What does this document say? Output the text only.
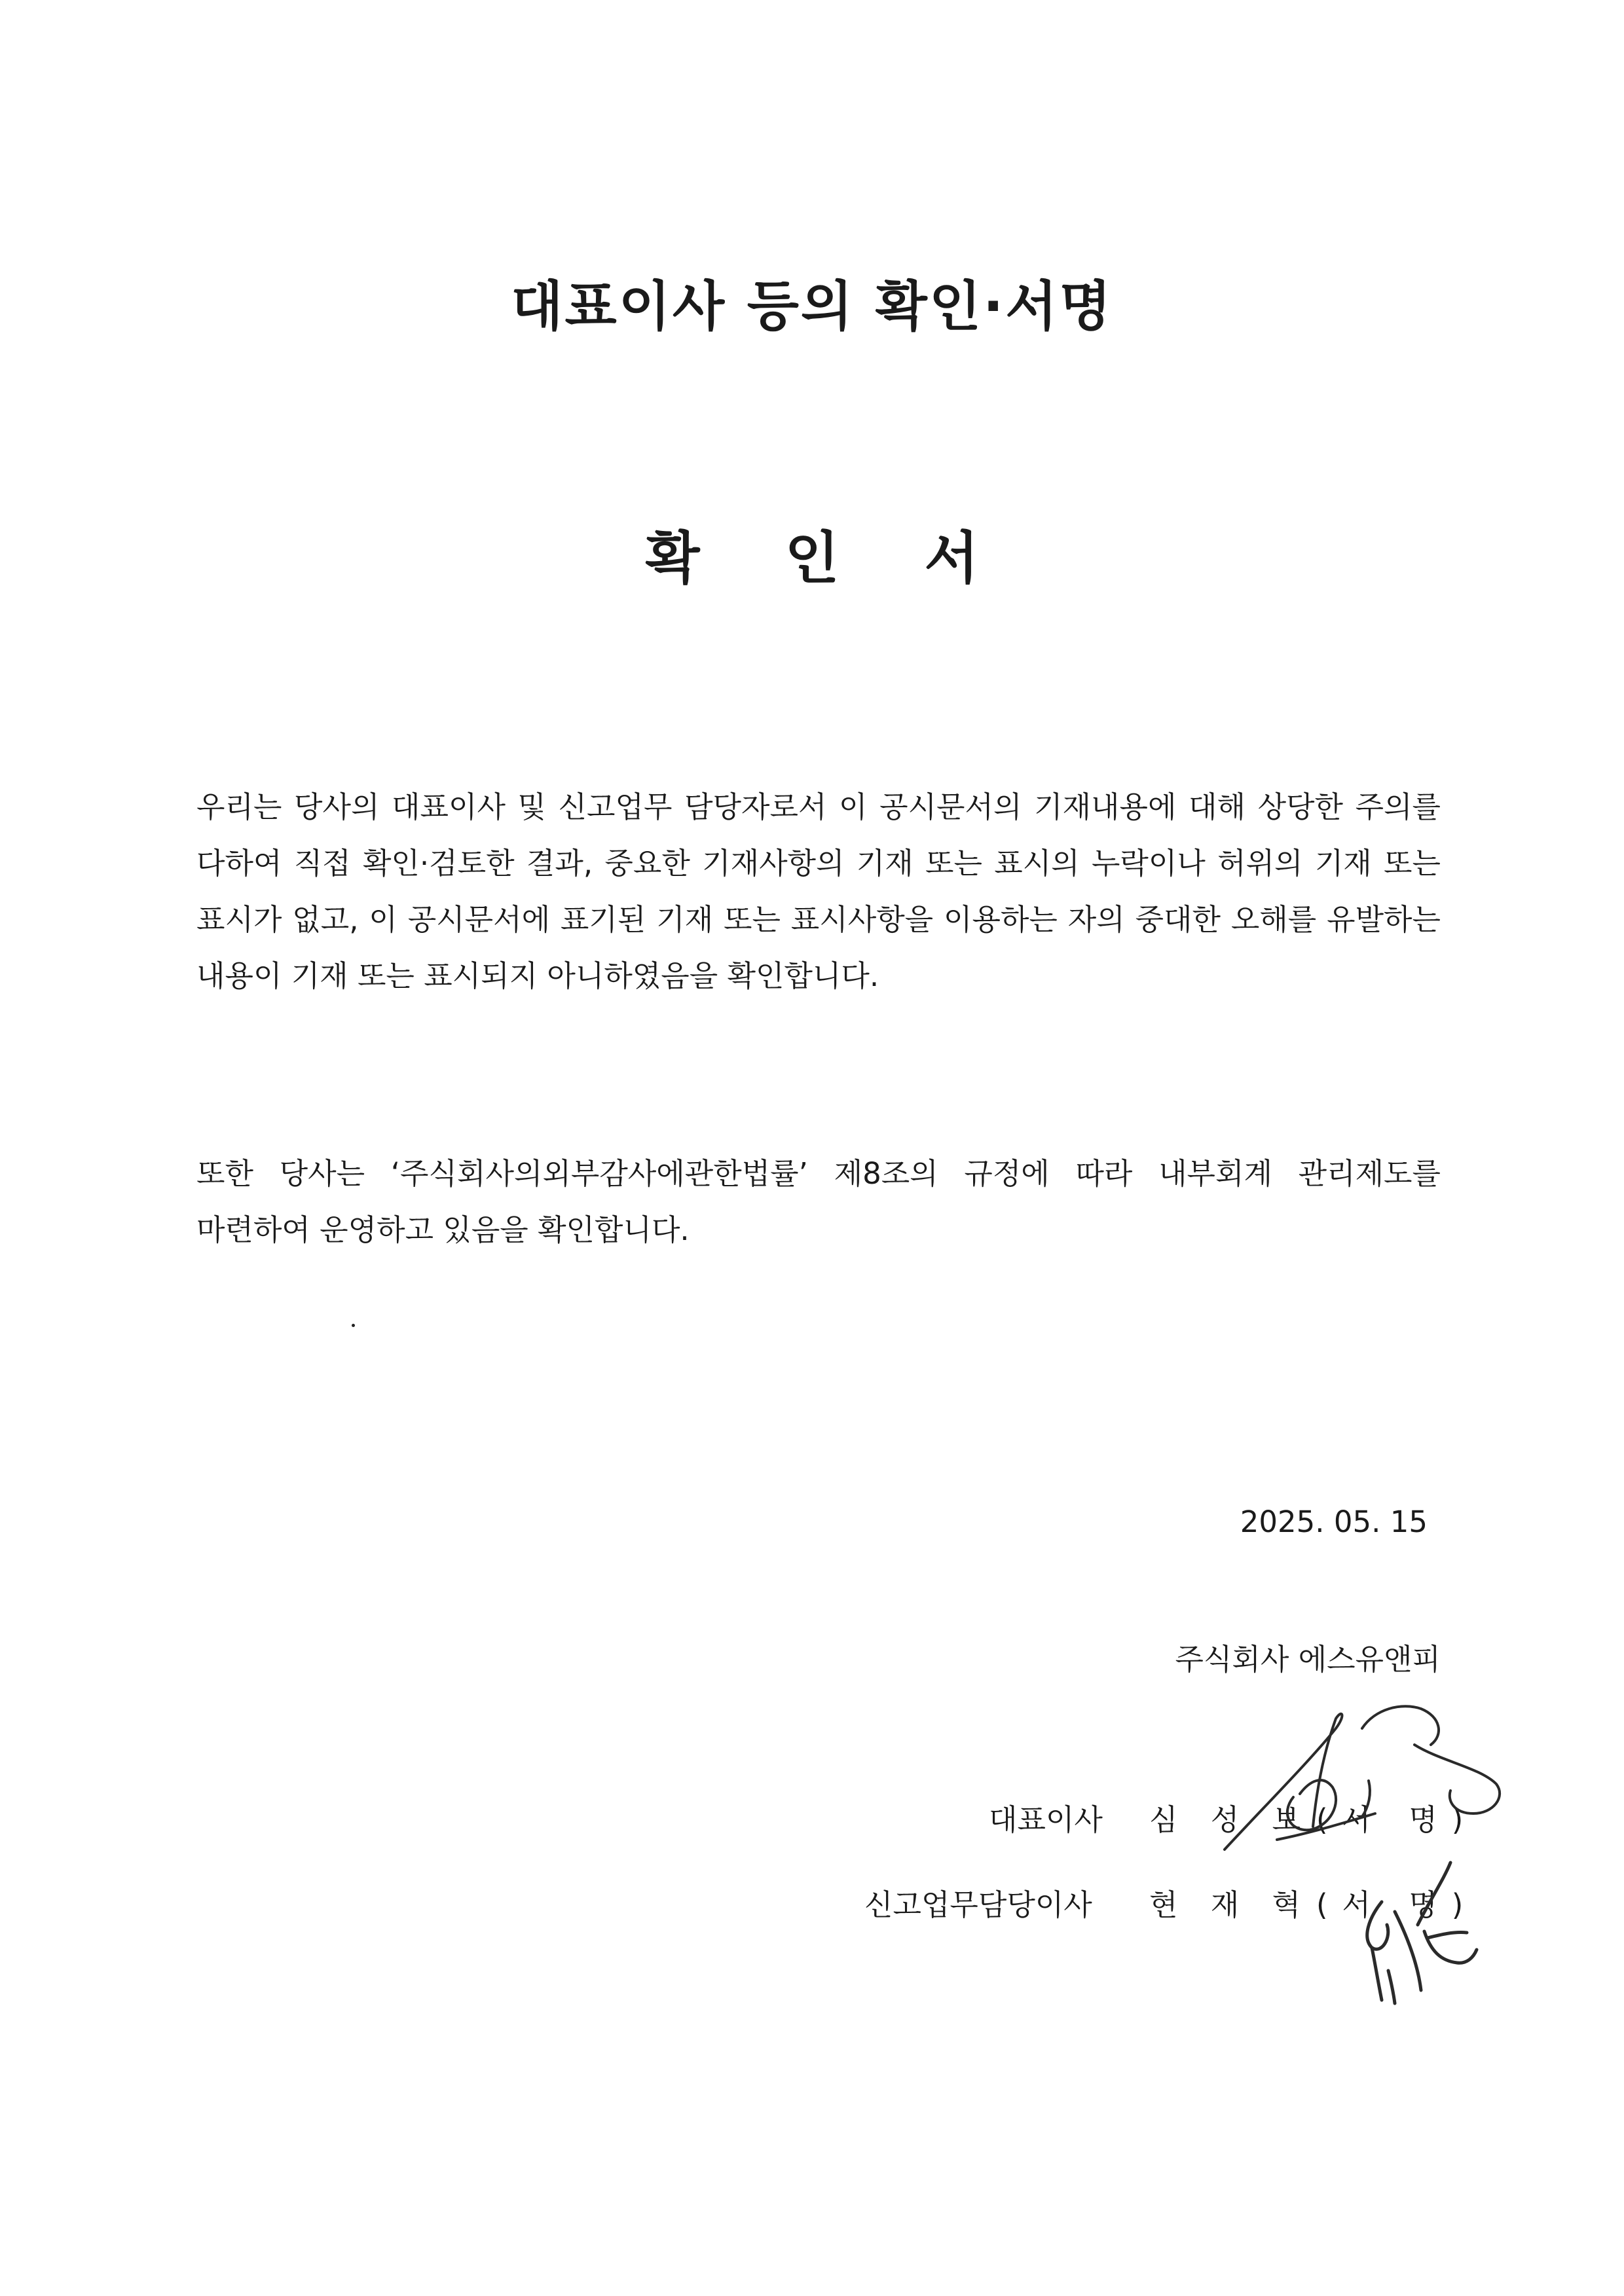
대표이사 등의 확인·서명
확 인 서

우리는 당사의 대표이사 및 신고업무 담당자로서 이 공시문서의 기재내용에 대해 상당한 주의를 다하여 직접 확인·검토한 결과, 중요한 기재사항의 기재 또는 표시의 누락이나 허위의 기재 또는 표시가 없고, 이 공시문서에 표기된 기재 또는 표시사항을 이용하는 자의 중대한 오해를 유발하는 내용이 기재 또는 표시되지 아니하였음을 확인합니다.

또한 당사는 ‘주식회사의외부감사에관한법률’ 제8조의 규정에 따라 내부회계 관리제도를 마련하여 운영하고 있음을 확인합니다.

2025. 05. 15
주식회사 에스유앤피
대표이사 심 성 보 (서 명)
신고업무담당이사 현 재 혁 (서 명)
